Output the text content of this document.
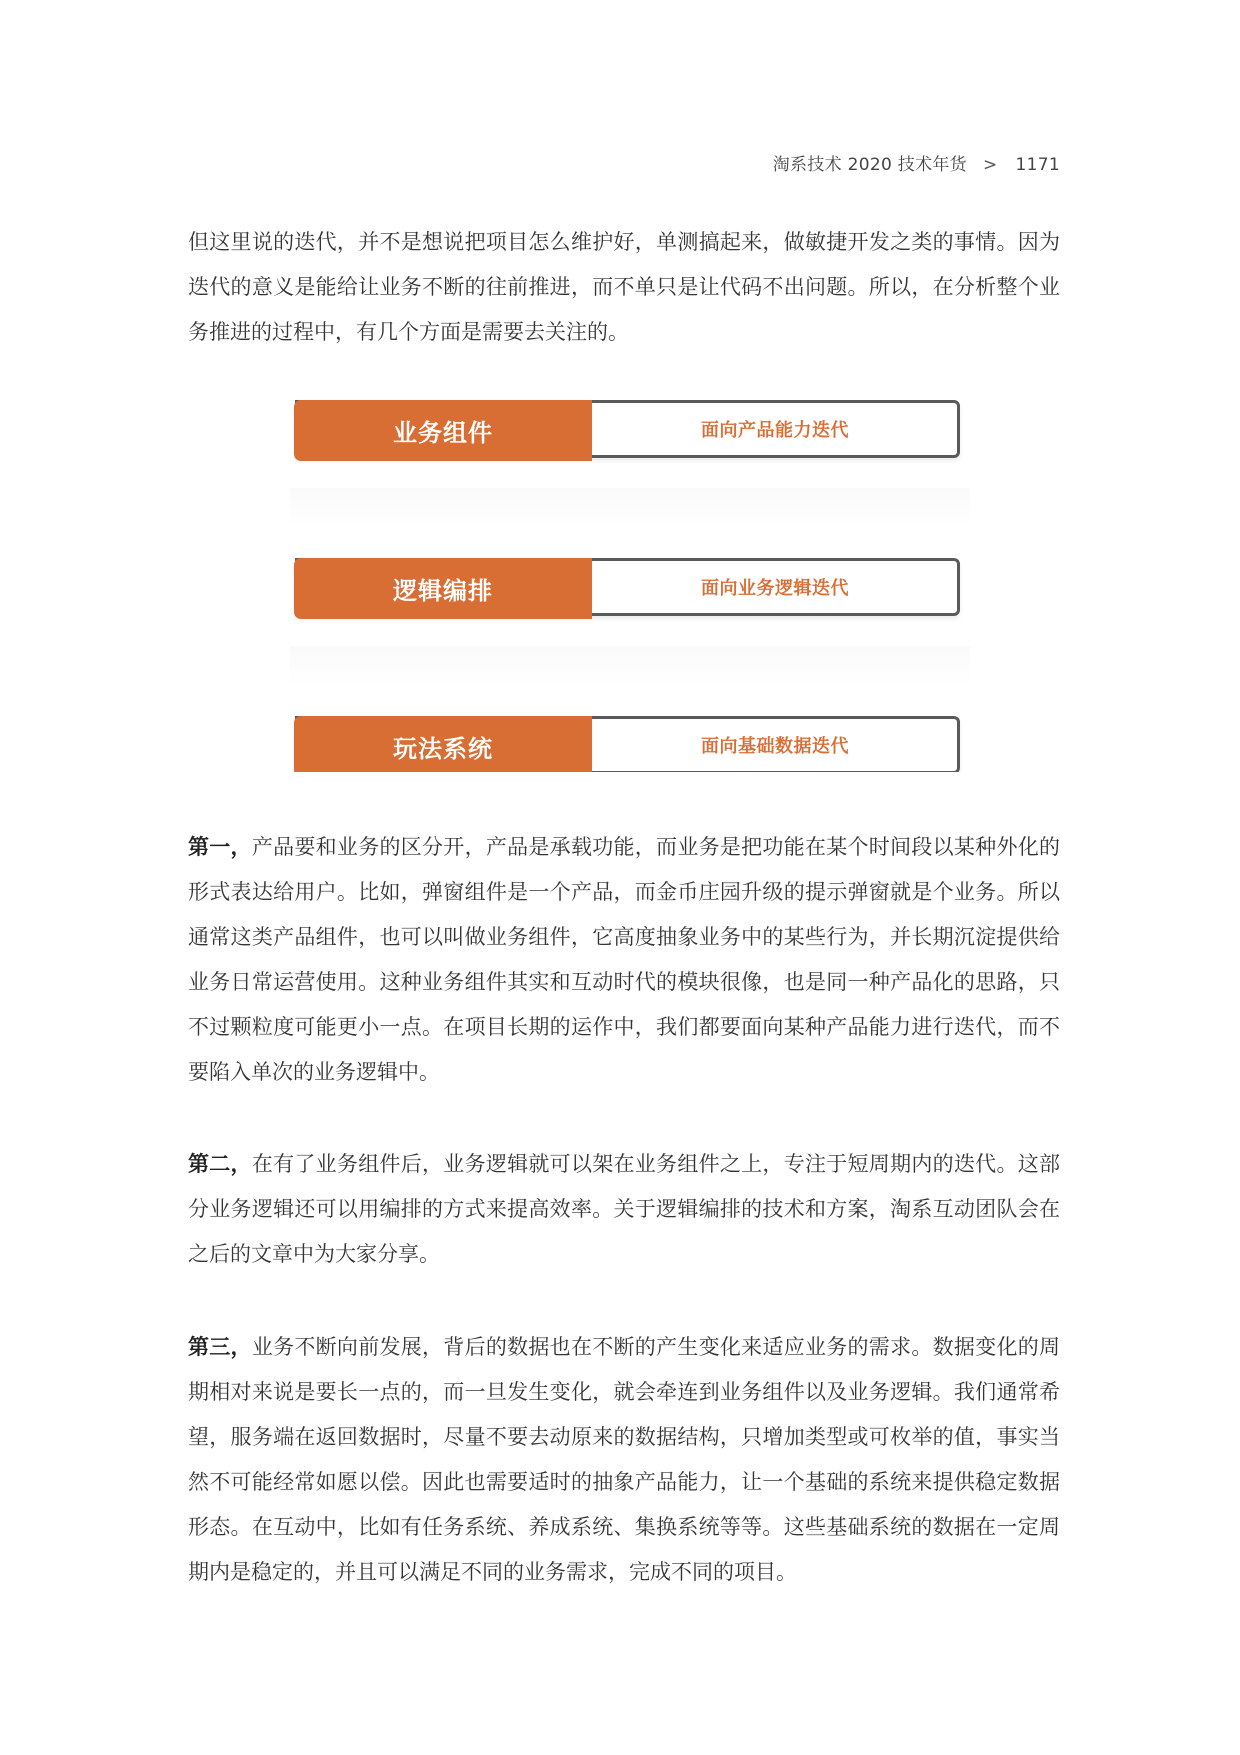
淘系技术 2020 技术年货 > 1171

但这里说的迭代，并不是想说把项目怎么维护好，单测搞起来，做敏捷开发之类的事情。因为迭代的意义是能给让业务不断的往前推进，而不单只是让代码不出问题。所以，在分析整个业务推进的过程中，有几个方面是需要去关注的。

业务组件	面向产品能力迭代
逻辑编排	面向业务逻辑迭代
玩法系统	面向基础数据迭代

第一，产品要和业务的区分开，产品是承载功能，而业务是把功能在某个时间段以某种外化的形式表达给用户。比如，弹窗组件是一个产品，而金币庄园升级的提示弹窗就是个业务。所以通常这类产品组件，也可以叫做业务组件，它高度抽象业务中的某些行为，并长期沉淀提供给业务日常运营使用。这种业务组件其实和互动时代的模块很像，也是同一种产品化的思路，只不过颗粒度可能更小一点。在项目长期的运作中，我们都要面向某种产品能力进行迭代，而不要陷入单次的业务逻辑中。

第二，在有了业务组件后，业务逻辑就可以架在业务组件之上，专注于短周期内的迭代。这部分业务逻辑还可以用编排的方式来提高效率。关于逻辑编排的技术和方案，淘系互动团队会在之后的文章中为大家分享。

第三，业务不断向前发展，背后的数据也在不断的产生变化来适应业务的需求。数据变化的周期相对来说是要长一点的，而一旦发生变化，就会牵连到业务组件以及业务逻辑。我们通常希望，服务端在返回数据时，尽量不要去动原来的数据结构，只增加类型或可枚举的值，事实当然不可能经常如愿以偿。因此也需要适时的抽象产品能力，让一个基础的系统来提供稳定数据形态。在互动中，比如有任务系统、养成系统、集换系统等等。这些基础系统的数据在一定周期内是稳定的，并且可以满足不同的业务需求，完成不同的项目。
